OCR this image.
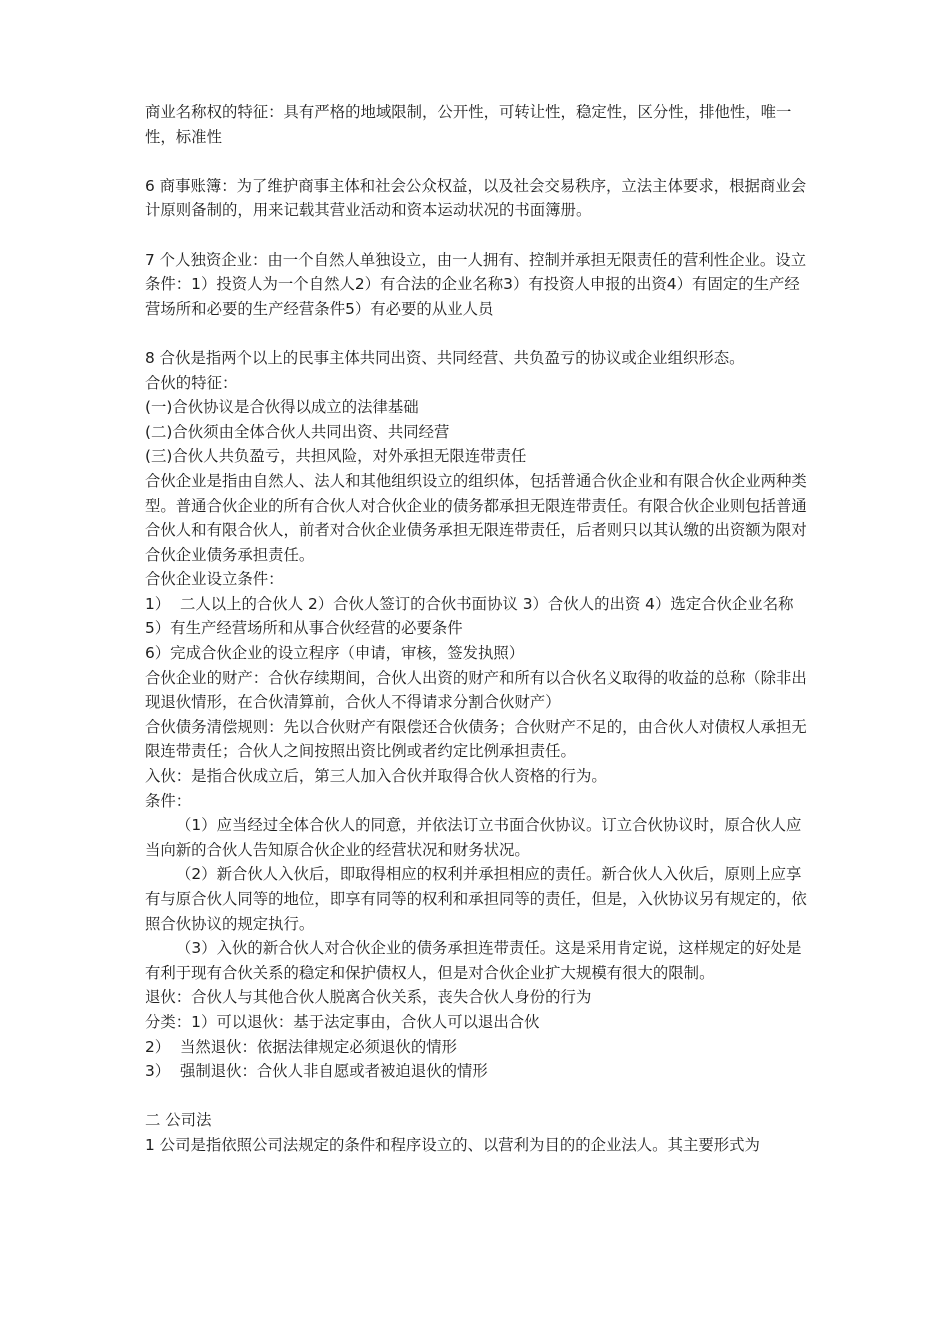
商业名称权的特征：具有严格的地域限制，公开性，可转让性，稳定性，区分性，排他性，唯一性，标准性

6 商事账簿：为了维护商事主体和社会公众权益，以及社会交易秩序，立法主体要求，根据商业会计原则备制的，用来记载其营业活动和资本运动状况的书面簿册。

7 个人独资企业：由一个自然人单独设立，由一人拥有、控制并承担无限责任的营利性企业。设立条件：1）投资人为一个自然人2）有合法的企业名称3）有投资人申报的出资4）有固定的生产经营场所和必要的生产经营条件5）有必要的从业人员

8 合伙是指两个以上的民事主体共同出资、共同经营、共负盈亏的协议或企业组织形态。

合伙的特征：

(一)合伙协议是合伙得以成立的法律基础

(二)合伙须由全体合伙人共同出资、共同经营

(三)合伙人共负盈亏，共担风险，对外承担无限连带责任

合伙企业是指由自然人、法人和其他组织设立的组织体，包括普通合伙企业和有限合伙企业两种类型。普通合伙企业的所有合伙人对合伙企业的债务都承担无限连带责任。有限合伙企业则包括普通合伙人和有限合伙人，前者对合伙企业债务承担无限连带责任，后者则只以其认缴的出资额为限对合伙企业债务承担责任。

合伙企业设立条件：

1）  二人以上的合伙人 2）合伙人签订的合伙书面协议 3）合伙人的出资 4）选定合伙企业名称

5）有生产经营场所和从事合伙经营的必要条件

6）完成合伙企业的设立程序（申请，审核，签发执照）

合伙企业的财产：合伙存续期间，合伙人出资的财产和所有以合伙名义取得的收益的总称（除非出现退伙情形，在合伙清算前，合伙人不得请求分割合伙财产）

合伙债务清偿规则：先以合伙财产有限偿还合伙债务；合伙财产不足的，由合伙人对债权人承担无限连带责任；合伙人之间按照出资比例或者约定比例承担责任。

入伙：是指合伙成立后，第三人加入合伙并取得合伙人资格的行为。

条件：

（1）应当经过全体合伙人的同意，并依法订立书面合伙协议。订立合伙协议时，原合伙人应当向新的合伙人告知原合伙企业的经营状况和财务状况。

（2）新合伙人入伙后，即取得相应的权利并承担相应的责任。新合伙人入伙后，原则上应享有与原合伙人同等的地位，即享有同等的权利和承担同等的责任，但是，入伙协议另有规定的，依照合伙协议的规定执行。

（3）入伙的新合伙人对合伙企业的债务承担连带责任。这是采用肯定说，这样规定的好处是有利于现有合伙关系的稳定和保护债权人，但是对合伙企业扩大规模有很大的限制。

退伙：合伙人与其他合伙人脱离合伙关系，丧失合伙人身份的行为

分类：1）可以退伙：基于法定事由，合伙人可以退出合伙

2）  当然退伙：依据法律规定必须退伙的情形

3）  强制退伙：合伙人非自愿或者被迫退伙的情形

二 公司法

1 公司是指依照公司法规定的条件和程序设立的、以营利为目的的企业法人。其主要形式为
